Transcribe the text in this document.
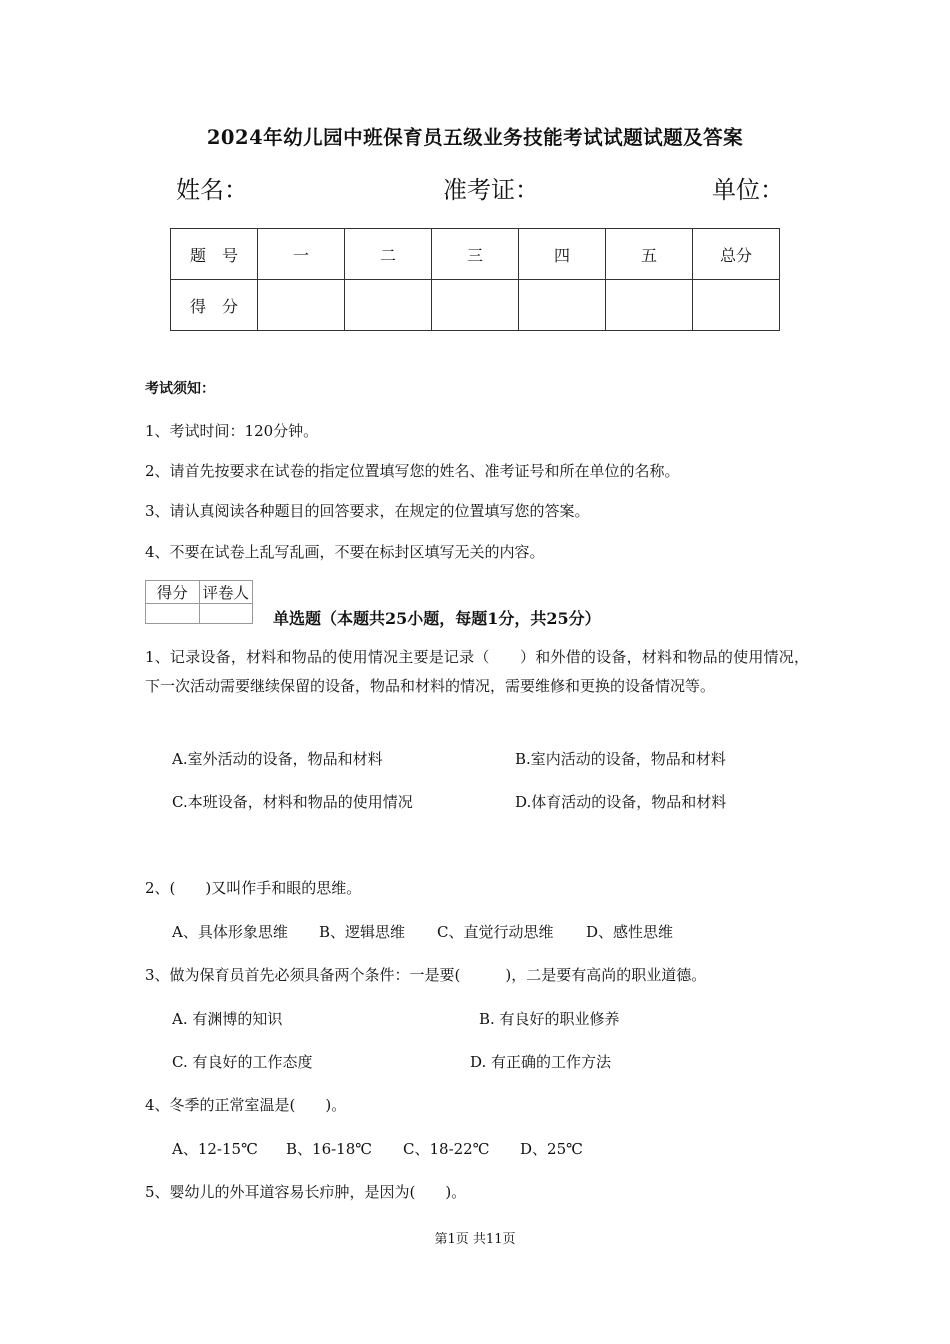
2024年幼儿园中班保育员五级业务技能考试试题试题及答案
姓名：	准考证：	单位：
题　号	一	二	三	四	五	总分
得　分						
考试须知：
1、考试时间：120分钟。
2、请首先按要求在试卷的指定位置填写您的姓名、准考证号和所在单位的名称。
3、请认真阅读各种题目的回答要求，在规定的位置填写您的答案。
4、不要在试卷上乱写乱画，不要在标封区填写无关的内容。
得分	评卷人

单选题（本题共25小题，每题1分，共25分）
1、记录设备，材料和物品的使用情况主要是记录（　　）和外借的设备，材料和物品的使用情况，下一次活动需要继续保留的设备，物品和材料的情况，需要维修和更换的设备情况等。
A.室外活动的设备，物品和材料	B.室内活动的设备，物品和材料
C.本班设备，材料和物品的使用情况	D.体育活动的设备，物品和材料
2、(　　)又叫作手和眼的思维。
A、具体形象思维 B、逻辑思维 C、直觉行动思维 D、感性思维
3、做为保育员首先必须具备两个条件：一是要(　　　)，二是要有高尚的职业道德。
A. 有渊博的知识	B. 有良好的职业修养
C. 有良好的工作态度	D. 有正确的工作方法
4、冬季的正常室温是(　　)。
A、12-15℃ B、16-18℃ C、18-22℃ D、25℃
5、婴幼儿的外耳道容易长疖肿，是因为(　　)。
第1页 共11页
